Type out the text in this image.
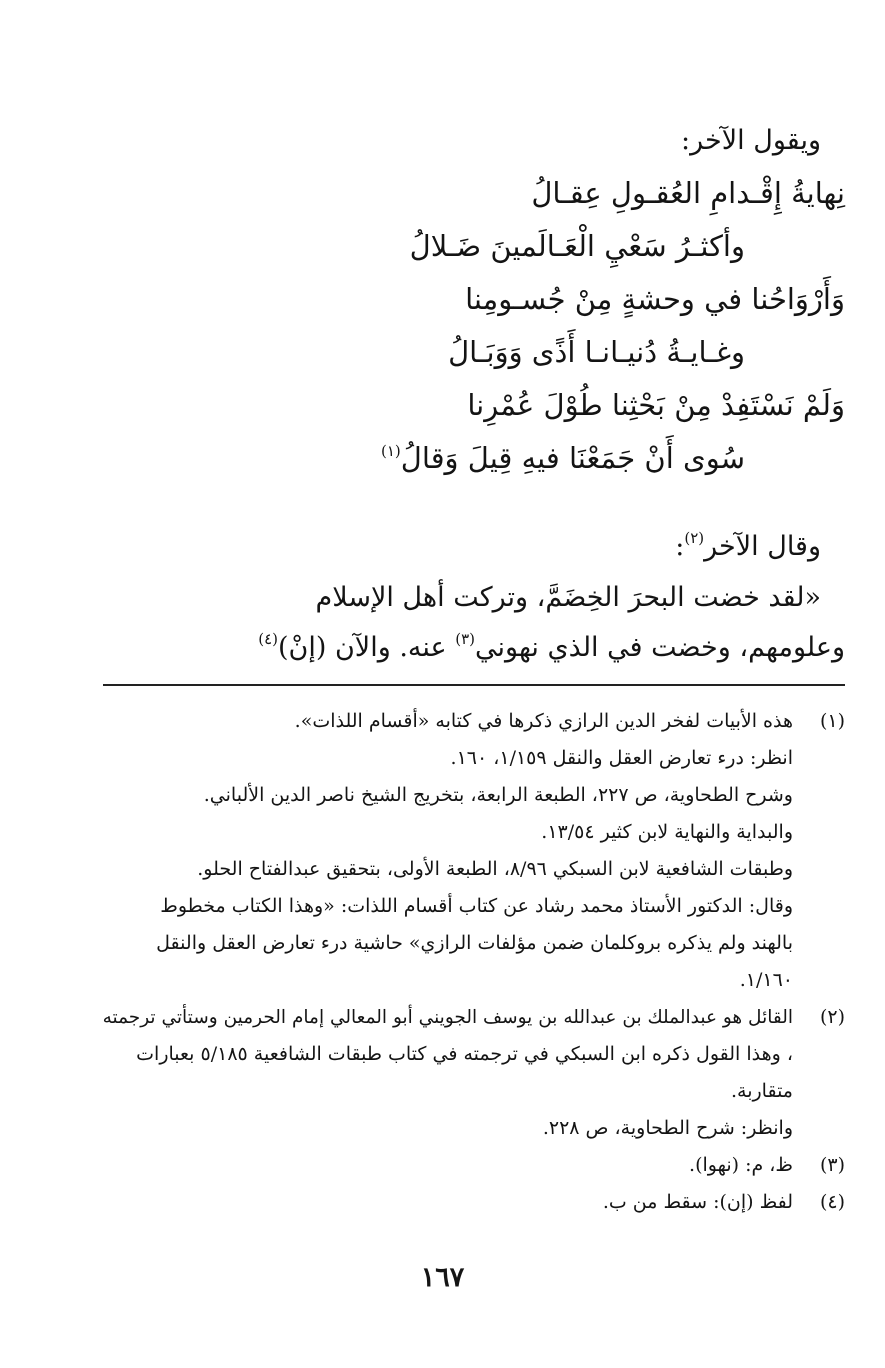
ويقول الآخر:
نِهايةُ إِقْـدامِ العُقـولِ عِقـالُ
وأكثـرُ سَعْيِ الْعَـالَمينَ ضَـلالُ
وَأَرْوَاحُنا في وحشةٍ مِنْ جُسـومِنا
وغـايـةُ دُنيـانـا أَذًى وَوَبَـالُ
وَلَمْ نَسْتَفِدْ مِنْ بَحْثِنا طُوْلَ عُمْرِنا
سُوى أَنْ جَمَعْنَا فيهِ قِيلَ وَقالُ$^{(١)}$
وقال الآخر$^{(٢)}$:
«لقد خضت البحرَ الخِضَمَّ، وتركت أهل الإسلام
وعلومهم، وخضت في الذي نهوني$^{(٣)}$ عنه. والآن (إنْ)$^{(٤)}$
(١)
هذه الأبيات لفخر الدين الرازي ذكرها في كتابه «أقسام اللذات».
انظر: درء تعارض العقل والنقل ١/١٥٩، ١٦٠.
وشرح الطحاوية، ص ٢٢٧، الطبعة الرابعة، بتخريج الشيخ ناصر الدين الألباني.
والبداية والنهاية لابن كثير ١٣/٥٤.
وطبقات الشافعية لابن السبكي ٨/٩٦، الطبعة الأولى، بتحقيق عبدالفتاح الحلو.
وقال: الدكتور الأستاذ محمد رشاد عن كتاب أقسام اللذات: «وهذا الكتاب مخطوط
بالهند ولم يذكره بروكلمان ضمن مؤلفات الرازي» حاشية درء تعارض العقل والنقل
١/١٦٠.
(٢)
القائل هو عبدالملك بن عبدالله بن يوسف الجويني أبو المعالي إمام الحرمين وستأتي ترجمته
، وهذا القول ذكره ابن السبكي في ترجمته في كتاب طبقات الشافعية ٥/١٨٥ بعبارات
متقاربة.
وانظر: شرح الطحاوية، ص ٢٢٨.
(٣)
ظ، م: (نهوا).
(٤)
لفظ (إن): سقط من ب.
١٦٧
